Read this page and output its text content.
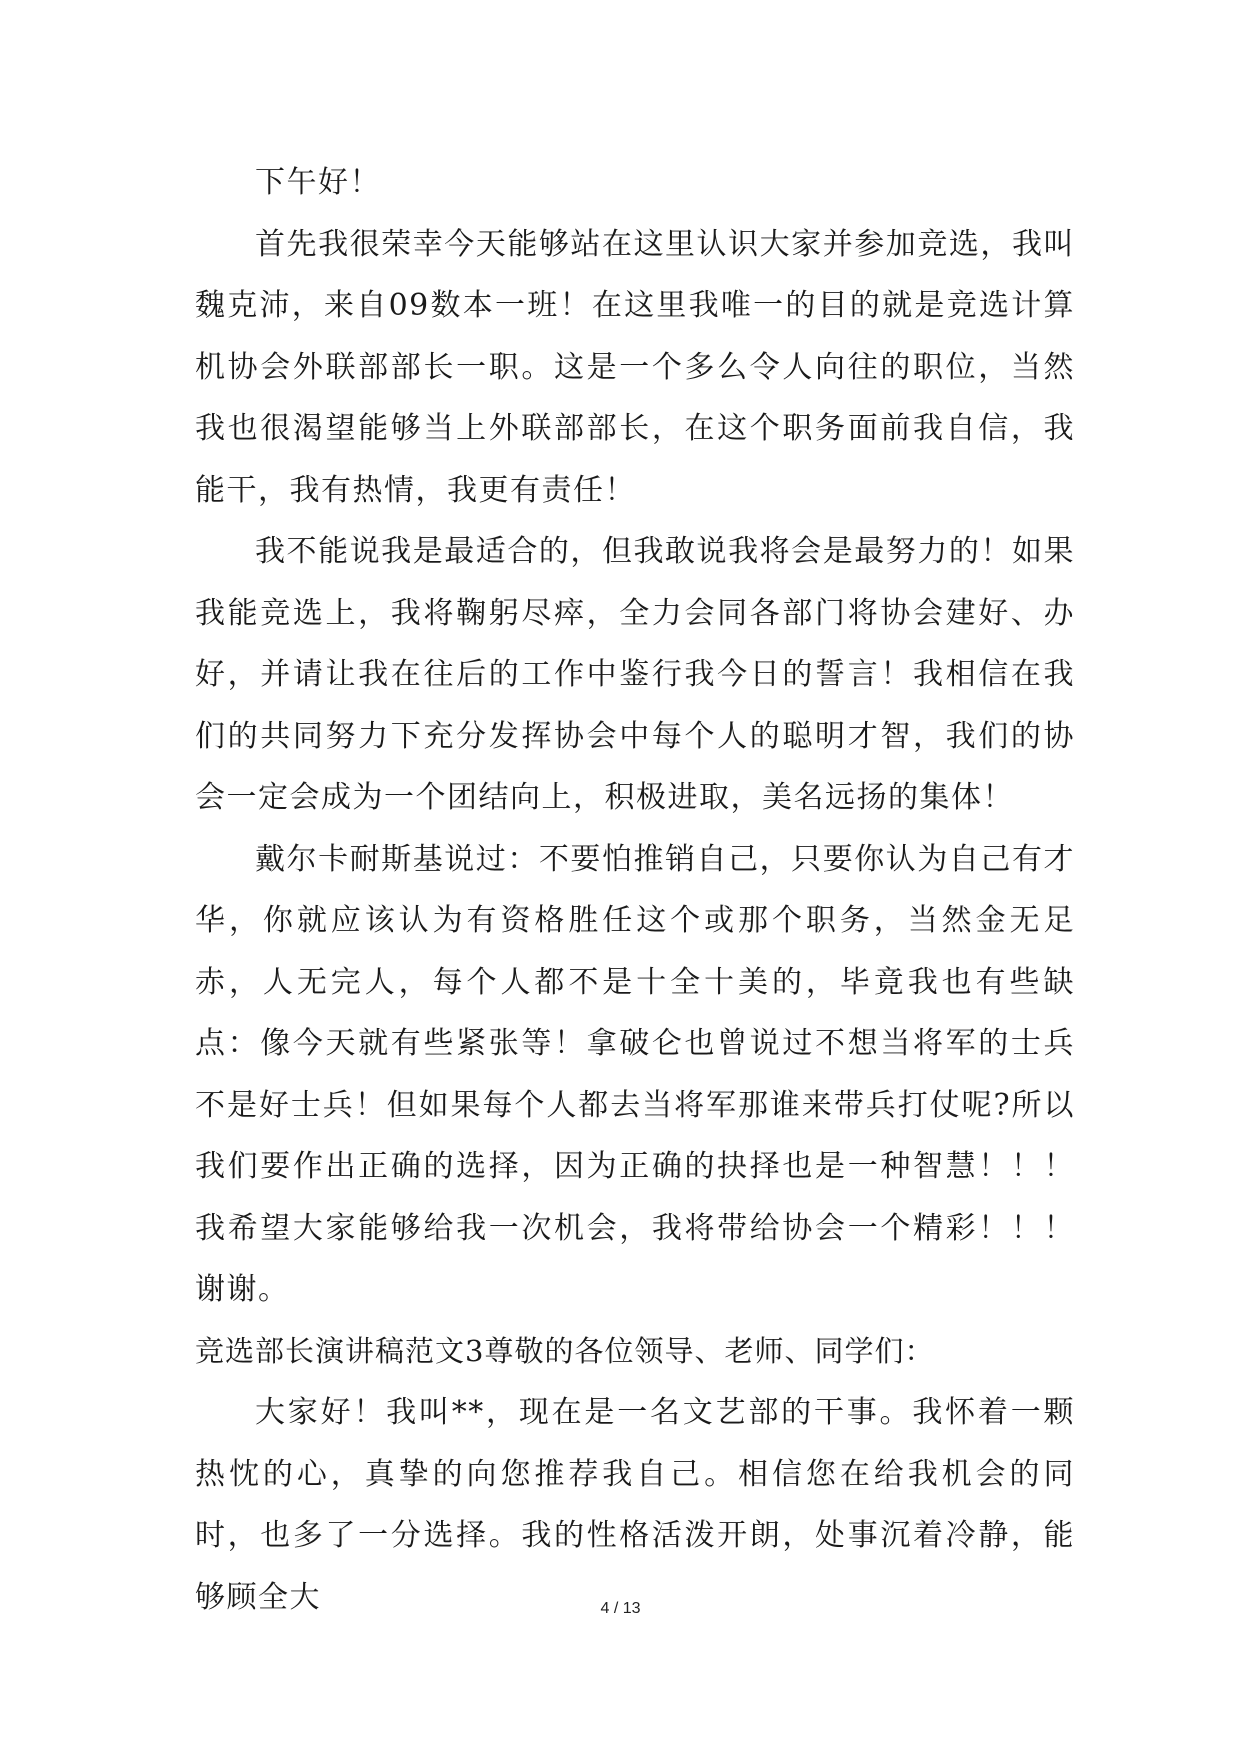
下午好！

首先我很荣幸今天能够站在这里认识大家并参加竞选，我叫魏克沛，来自09数本一班！在这里我唯一的目的就是竞选计算机协会外联部部长一职。这是一个多么令人向往的职位，当然我也很渴望能够当上外联部部长，在这个职务面前我自信，我能干，我有热情，我更有责任！

我不能说我是最适合的，但我敢说我将会是最努力的！如果我能竞选上，我将鞠躬尽瘁，全力会同各部门将协会建好、办好，并请让我在往后的工作中鉴行我今日的誓言！我相信在我们的共同努力下充分发挥协会中每个人的聪明才智，我们的协会一定会成为一个团结向上，积极进取，美名远扬的集体！

戴尔卡耐斯基说过：不要怕推销自己，只要你认为自己有才华，你就应该认为有资格胜任这个或那个职务，当然金无足赤，人无完人，每个人都不是十全十美的，毕竟我也有些缺点：像今天就有些紧张等！拿破仑也曾说过不想当将军的士兵不是好士兵！但如果每个人都去当将军那谁来带兵打仗呢?所以我们要作出正确的选择，因为正确的抉择也是一种智慧！！！我希望大家能够给我一次机会，我将带给协会一个精彩！！！谢谢。

竞选部长演讲稿范文3尊敬的各位领导、老师、同学们：

大家好！我叫**，现在是一名文艺部的干事。我怀着一颗热忱的心，真挚的向您推荐我自己。相信您在给我机会的同时，也多了一分选择。我的性格活泼开朗，处事沉着冷静，能够顾全大	4 / 13
